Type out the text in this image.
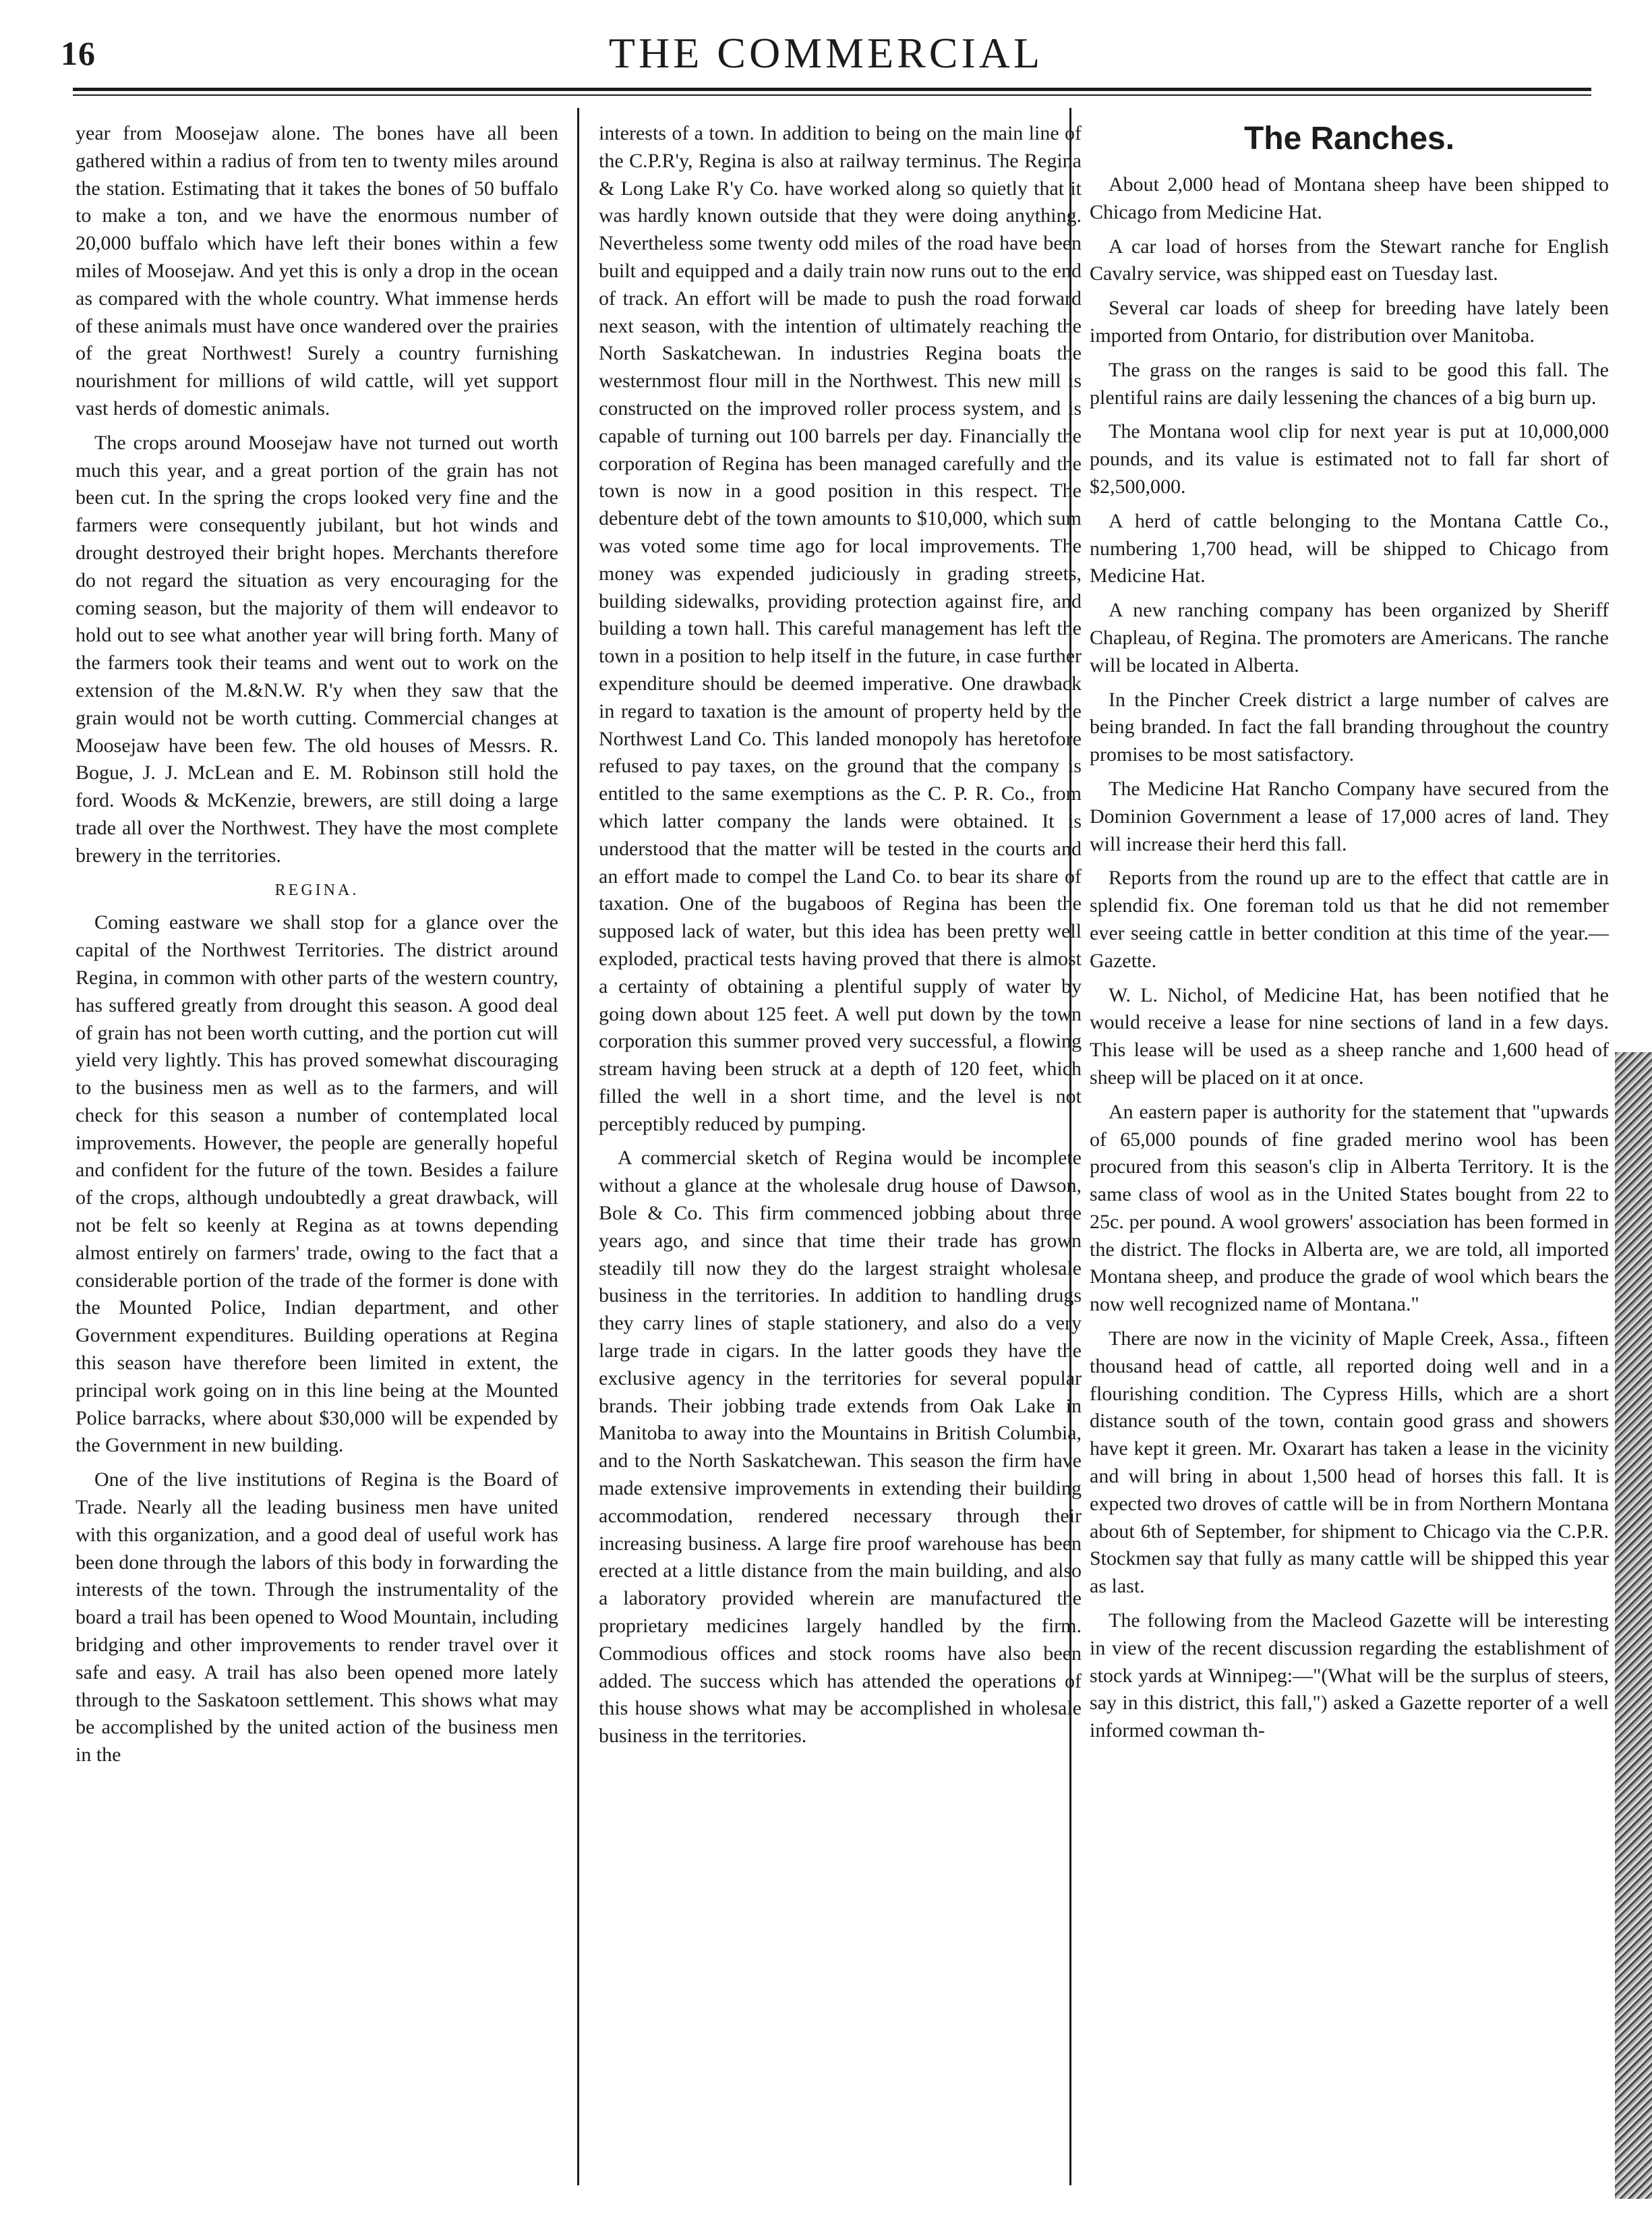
16	THE COMMERCIAL

year from Moosejaw alone. The bones have all been gathered within a radius of from ten to twenty miles around the station. Estimating that it takes the bones of 50 buffalo to make a ton, and we have the enormous number of 20,000 buffalo which have left their bones within a few miles of Moosejaw. And yet this is only a drop in the ocean as compared with the whole country. What immense herds of these animals must have once wandered over the prairies of the great Northwest! Surely a country furnishing nourishment for millions of wild cattle, will yet support vast herds of domestic animals.

The crops around Moosejaw have not turned out worth much this year, and a great portion of the grain has not been cut. In the spring the crops looked very fine and the farmers were consequently jubilant, but hot winds and drought destroyed their bright hopes. Merchants therefore do not regard the situation as very encouraging for the coming season, but the majority of them will endeavor to hold out to see what another year will bring forth. Many of the farmers took their teams and went out to work on the extension of the M.&N.W. R'y when they saw that the grain would not be worth cutting. Commercial changes at Moosejaw have been few. The old houses of Messrs. R. Bogue, J. J. McLean and E. M. Robinson still hold the ford. Woods & McKenzie, brewers, are still doing a large trade all over the Northwest. They have the most complete brewery in the territories.

REGINA.

Coming eastware we shall stop for a glance over the capital of the Northwest Territories. The district around Regina, in common with other parts of the western country, has suffered greatly from drought this season. A good deal of grain has not been worth cutting, and the portion cut will yield very lightly. This has proved somewhat discouraging to the business men as well as to the farmers, and will check for this season a number of contemplated local improvements. However, the people are generally hopeful and confident for the future of the town. Besides a failure of the crops, although undoubtedly a great drawback, will not be felt so keenly at Regina as at towns depending almost entirely on farmers' trade, owing to the fact that a considerable portion of the trade of the former is done with the Mounted Police, Indian department, and other Government expenditures. Building operations at Regina this season have therefore been limited in extent, the principal work going on in this line being at the Mounted Police barracks, where about $30,000 will be expended by the Government in new building.

One of the live institutions of Regina is the Board of Trade. Nearly all the leading business men have united with this organization, and a good deal of useful work has been done through the labors of this body in forwarding the interests of the town. Through the instrumentality of the board a trail has been opened to Wood Mountain, including bridging and other improvements to render travel over it safe and easy. A trail has also been opened more lately through to the Saskatoon settlement. This shows what may be accomplished by the united action of the business men in the

interests of a town. In addition to being on the main line of the C.P.R'y, Regina is also at railway terminus. The Regina & Long Lake R'y Co. have worked along so quietly that it was hardly known outside that they were doing anything. Nevertheless some twenty odd miles of the road have been built and equipped and a daily train now runs out to the end of track. An effort will be made to push the road forward next season, with the intention of ultimately reaching the North Saskatchewan. In industries Regina boats the westernmost flour mill in the Northwest. This new mill is constructed on the improved roller process system, and is capable of turning out 100 barrels per day. Financially the corporation of Regina has been managed carefully and the town is now in a good position in this respect. The debenture debt of the town amounts to $10,000, which sum was voted some time ago for local improvements. The money was expended judiciously in grading streets, building sidewalks, providing protection against fire, and building a town hall. This careful management has left the town in a position to help itself in the future, in case further expenditure should be deemed imperative. One drawback in regard to taxation is the amount of property held by the Northwest Land Co. This landed monopoly has heretofore refused to pay taxes, on the ground that the company is entitled to the same exemptions as the C. P. R. Co., from which latter company the lands were obtained. It is understood that the matter will be tested in the courts and an effort made to compel the Land Co. to bear its share of taxation. One of the bugaboos of Regina has been the supposed lack of water, but this idea has been pretty well exploded, practical tests having proved that there is almost a certainty of obtaining a plentiful supply of water by going down about 125 feet. A well put down by the town corporation this summer proved very successful, a flowing stream having been struck at a depth of 120 feet, which filled the well in a short time, and the level is not perceptibly reduced by pumping.

A commercial sketch of Regina would be incomplete without a glance at the wholesale drug house of Dawson, Bole & Co. This firm commenced jobbing about three years ago, and since that time their trade has grown steadily till now they do the largest straight wholesale business in the territories. In addition to handling drugs they carry lines of staple stationery, and also do a very large trade in cigars. In the latter goods they have the exclusive agency in the territories for several popular brands. Their jobbing trade extends from Oak Lake in Manitoba to away into the Mountains in British Columbia, and to the North Saskatchewan. This season the firm have made extensive improvements in extending their building accommodation, rendered necessary through their increasing business. A large fire proof warehouse has been erected at a little distance from the main building, and also a laboratory provided wherein are manufactured the proprietary medicines largely handled by the firm. Commodious offices and stock rooms have also been added. The success which has attended the operations of this house shows what may be accomplished in wholesale business in the territories.

The Ranches.

About 2,000 head of Montana sheep have been shipped to Chicago from Medicine Hat.

A car load of horses from the Stewart ranche for English Cavalry service, was shipped east on Tuesday last.

Several car loads of sheep for breeding have lately been imported from Ontario, for distribution over Manitoba.

The grass on the ranges is said to be good this fall. The plentiful rains are daily lessening the chances of a big burn up.

The Montana wool clip for next year is put at 10,000,000 pounds, and its value is estimated not to fall far short of $2,500,000.

A herd of cattle belonging to the Montana Cattle Co., numbering 1,700 head, will be shipped to Chicago from Medicine Hat.

A new ranching company has been organized by Sheriff Chapleau, of Regina. The promoters are Americans. The ranche will be located in Alberta.

In the Pincher Creek district a large number of calves are being branded. In fact the fall branding throughout the country promises to be most satisfactory.

The Medicine Hat Rancho Company have secured from the Dominion Government a lease of 17,000 acres of land. They will increase their herd this fall.

Reports from the round up are to the effect that cattle are in splendid fix. One foreman told us that he did not remember ever seeing cattle in better condition at this time of the year.—Gazette.

W. L. Nichol, of Medicine Hat, has been notified that he would receive a lease for nine sections of land in a few days. This lease will be used as a sheep ranche and 1,600 head of sheep will be placed on it at once.

An eastern paper is authority for the statement that "upwards of 65,000 pounds of fine graded merino wool has been procured from this season's clip in Alberta Territory. It is the same class of wool as in the United States bought from 22 to 25c. per pound. A wool growers' association has been formed in the district. The flocks in Alberta are, we are told, all imported Montana sheep, and produce the grade of wool which bears the now well recognized name of Montana."

There are now in the vicinity of Maple Creek, Assa., fifteen thousand head of cattle, all reported doing well and in a flourishing condition. The Cypress Hills, which are a short distance south of the town, contain good grass and showers have kept it green. Mr. Oxarart has taken a lease in the vicinity and will bring in about 1,500 head of horses this fall. It is expected two droves of cattle will be in from Northern Montana about 6th of September, for shipment to Chicago via the C.P.R. Stockmen say that fully as many cattle will be shipped this year as last.

The following from the Macleod Gazette will be interesting in view of the recent discussion regarding the establishment of stock yards at Winnipeg:—"(What will be the surplus of steers, say in this district, this fall,") asked a Gazette reporter of a well informed cowman th-
